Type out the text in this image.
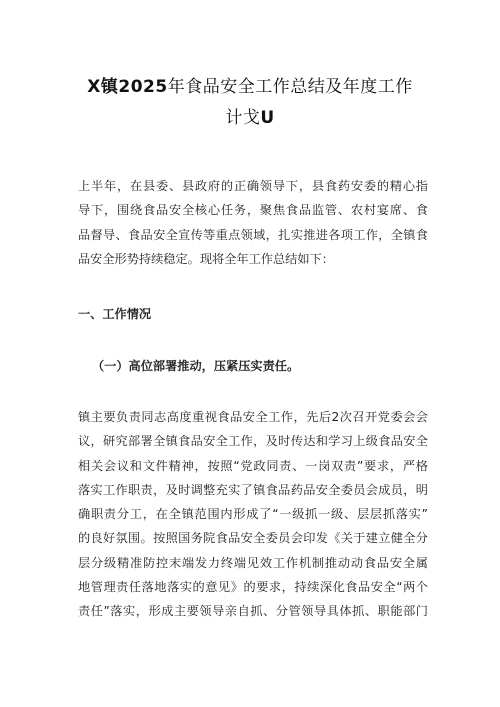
X镇2025年食品安全工作总结及年度工作
计戈U

上半年，在县委、县政府的正确领导下，县食药安委的精心指
导下，围绕食品安全核心任务，聚焦食品监管、农村宴席、食
品督导、食品安全宣传等重点领域，扎实推进各项工作，全镇食
品安全形势持续稳定。现将全年工作总结如下：

一、工作情况
（一）高位部署推动，压紧压实责任。

镇主要负责同志高度重视食品安全工作，先后2次召开党委会会
议，研究部署全镇食品安全工作，及时传达和学习上级食品安全
相关会议和文件精神，按照“党政同责、一岗双责”要求，严格
落实工作职责，及时调整充实了镇食品药品安全委员会成员，明
确职责分工，在全镇范围内形成了“一级抓一级、层层抓落实”
的良好氛围。按照国务院食品安全委员会印发《关于建立健全分
层分级精准防控末端发力终端见效工作机制推动动食品安全属
地管理责任落地落实的意见》的要求，持续深化食品安全“两个
责任”落实，形成主要领导亲自抓、分管领导具体抓、职能部门
